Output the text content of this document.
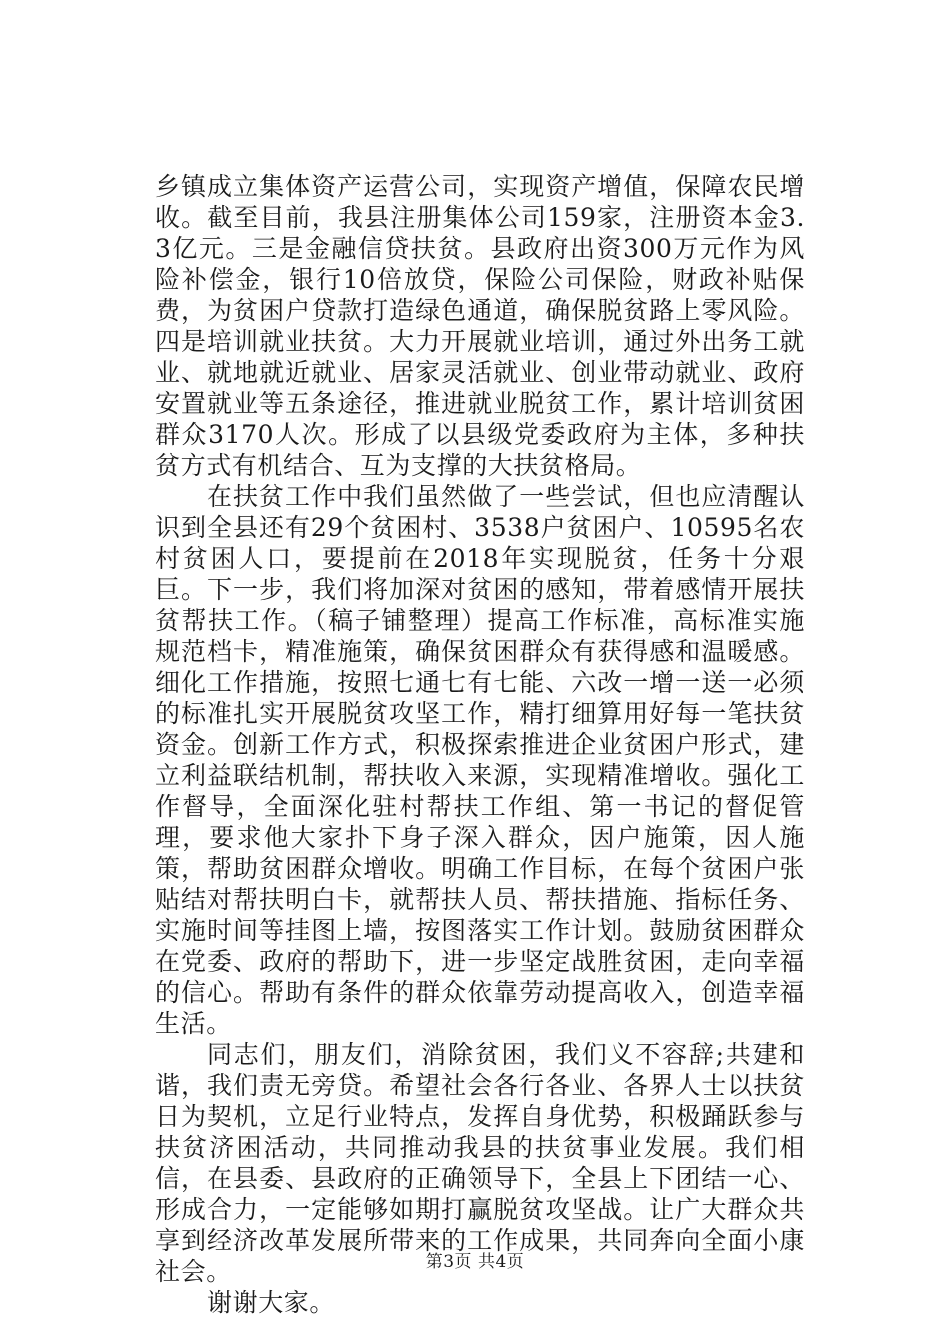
乡镇成立集体资产运营公司，实现资产增值，保障农民增收。截至目前，我县注册集体公司159家，注册资本金3.3亿元。三是金融信贷扶贫。县政府出资300万元作为风险补偿金，银行10倍放贷，保险公司保险，财政补贴保费，为贫困户贷款打造绿色通道，确保脱贫路上零风险。四是培训就业扶贫。大力开展就业培训，通过外出务工就业、就地就近就业、居家灵活就业、创业带动就业、政府安置就业等五条途径，推进就业脱贫工作，累计培训贫困群众3170人次。形成了以县级党委政府为主体，多种扶贫方式有机结合、互为支撑的大扶贫格局。

在扶贫工作中我们虽然做了一些尝试，但也应清醒认识到全县还有29个贫困村、3538户贫困户、10595名农村贫困人口，要提前在2018年实现脱贫，任务十分艰巨。下一步，我们将加深对贫困的感知，带着感情开展扶贫帮扶工作。（稿子铺整理）提高工作标准，高标准实施规范档卡，精准施策，确保贫困群众有获得感和温暖感。细化工作措施，按照七通七有七能、六改一增一送一必须的标准扎实开展脱贫攻坚工作，精打细算用好每一笔扶贫资金。创新工作方式，积极探索推进企业贫困户形式，建立利益联结机制，帮扶收入来源，实现精准增收。强化工作督导，全面深化驻村帮扶工作组、第一书记的督促管理，要求他大家扑下身子深入群众，因户施策，因人施策，帮助贫困群众增收。明确工作目标，在每个贫困户张贴结对帮扶明白卡，就帮扶人员、帮扶措施、指标任务、实施时间等挂图上墙，按图落实工作计划。鼓励贫困群众在党委、政府的帮助下，进一步坚定战胜贫困，走向幸福的信心。帮助有条件的群众依靠劳动提高收入，创造幸福生活。

同志们，朋友们，消除贫困，我们义不容辞;共建和谐，我们责无旁贷。希望社会各行各业、各界人士以扶贫日为契机，立足行业特点，发挥自身优势，积极踊跃参与扶贫济困活动，共同推动我县的扶贫事业发展。我们相信，在县委、县政府的正确领导下，全县上下团结一心、形成合力，一定能够如期打赢脱贫攻坚战。让广大群众共享到经济改革发展所带来的工作成果，共同奔向全面小康社会。

谢谢大家。

第3页 共4页
